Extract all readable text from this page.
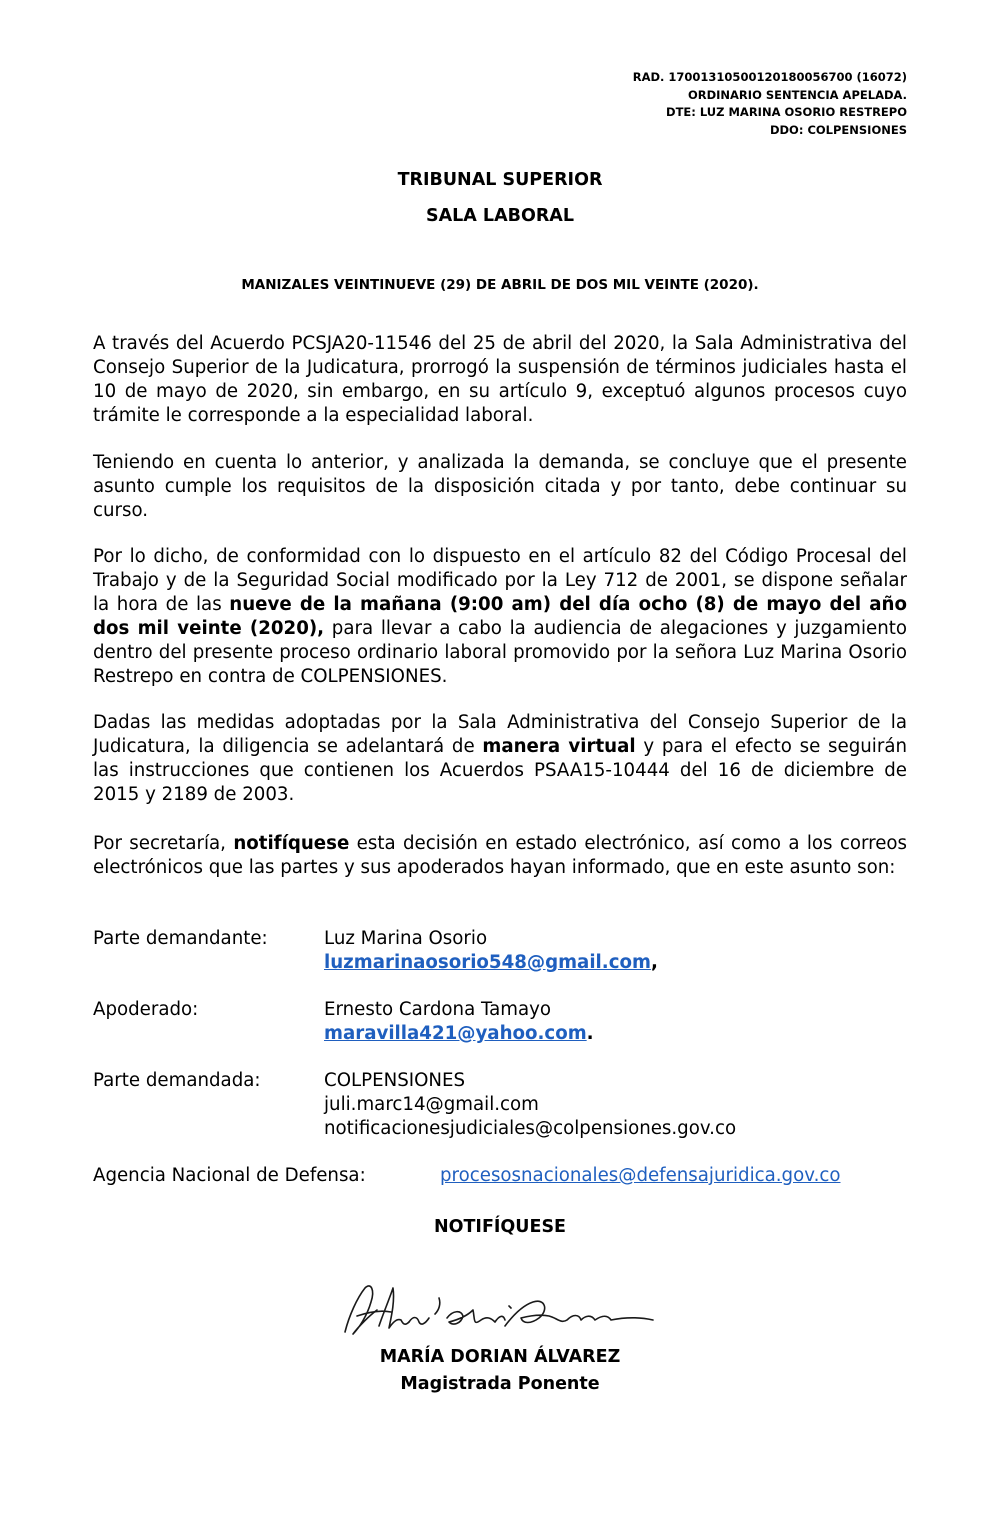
RAD. 17001310500120180056700 (16072)
ORDINARIO SENTENCIA APELADA.
DTE: LUZ MARINA OSORIO RESTREPO
DDO: COLPENSIONES
TRIBUNAL SUPERIOR
SALA LABORAL
MANIZALES VEINTINUEVE (29) DE ABRIL DE DOS MIL VEINTE (2020).
A través del Acuerdo PCSJA20-11546 del 25 de abril del 2020, la Sala Administrativa del Consejo Superior de la Judicatura, prorrogó la suspensión de términos judiciales hasta el 10 de mayo de 2020, sin embargo, en su artículo 9, exceptuó algunos procesos cuyo trámite le corresponde a la especialidad laboral.
Teniendo en cuenta lo anterior, y analizada la demanda, se concluye que el presente asunto cumple los requisitos de la disposición citada y por tanto, debe continuar su curso.
Por lo dicho, de conformidad con lo dispuesto en el artículo 82 del Código Procesal del Trabajo y de la Seguridad Social modificado por la Ley 712 de 2001, se dispone señalar la hora de las nueve de la mañana (9:00 am) del día ocho (8) de mayo del año dos mil veinte (2020), para llevar a cabo la audiencia de alegaciones y juzgamiento dentro del presente proceso ordinario laboral promovido por la señora Luz Marina Osorio Restrepo en contra de COLPENSIONES.
Dadas las medidas adoptadas por la Sala Administrativa del Consejo Superior de la Judicatura, la diligencia se adelantará de manera virtual y para el efecto se seguirán las instrucciones que contienen los Acuerdos PSAA15-10444 del 16 de diciembre de 2015 y 2189 de 2003.
Por secretaría, notifíquese esta decisión en estado electrónico, así como a los correos electrónicos que las partes y sus apoderados hayan informado, que en este asunto son:
Parte demandante:	Luz Marina Osorio
luzmarinaosorio548@gmail.com,
Apoderado:	Ernesto Cardona Tamayo
maravilla421@yahoo.com.
Parte demandada:	COLPENSIONES
juli.marc14@gmail.com
notificacionesjudiciales@colpensiones.gov.co
Agencia Nacional de Defensa:	procesosnacionales@defensajuridica.gov.co
NOTIFÍQUESE
MARÍA DORIAN ÁLVAREZ
Magistrada Ponente
